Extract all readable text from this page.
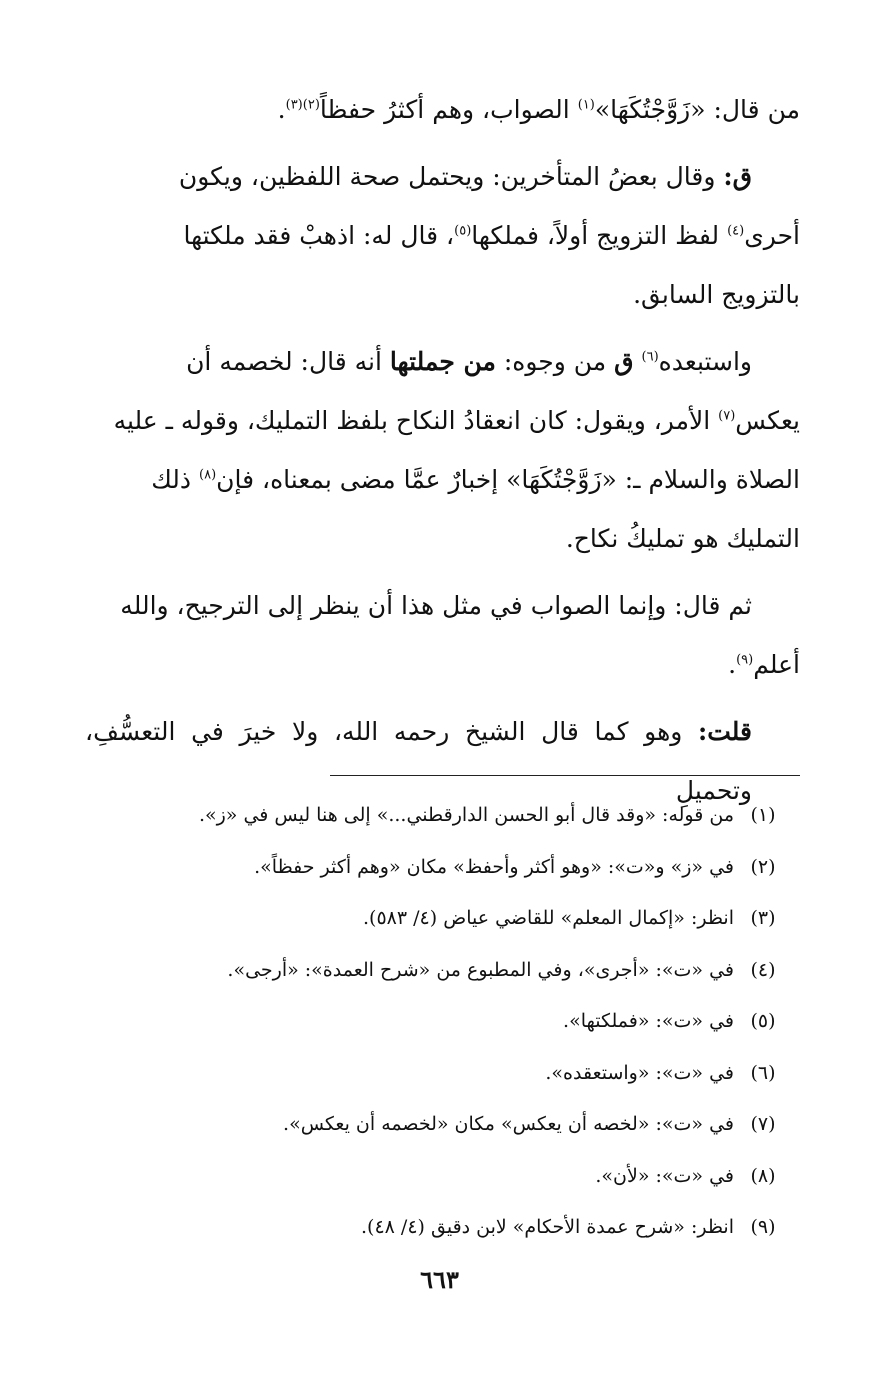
من قال: «زَوَّجْتُكَهَا»$^{(١)}$ الصواب، وهم أكثرُ حفظاً$^{(٢)(٣)}$.
ق: وقال بعضُ المتأخرين: ويحتمل صحة اللفظين، ويكون
أحرى$^{(٤)}$ لفظ التزويج أولاً، فملكها$^{(٥)}$، قال له: اذهبْ فقد ملكتها
بالتزويج السابق.
واستبعده$^{(٦)}$ ق من وجوه: من جملتها أنه قال: لخصمه أن
يعكس$^{(٧)}$ الأمر، ويقول: كان انعقادُ النكاح بلفظ التمليك، وقوله ـ عليه
الصلاة والسلام ـ: «زَوَّجْتُكَهَا» إخبارٌ عمَّا مضى بمعناه، فإن$^{(٨)}$ ذلك
التمليك هو تمليكُ نكاح.
ثم قال: وإنما الصواب في مثل هذا أن ينظر إلى الترجيح، والله
أعلم$^{(٩)}$.
قلت: وهو كما قال الشيخ رحمه الله، ولا خيرَ في التعسُّفِ، وتحميلِ
(١)
من قوله: «وقد قال أبو الحسن الدارقطني...» إلى هنا ليس في «ز».
(٢)
في «ز» و«ت»: «وهو أكثر وأحفظ» مكان «وهم أكثر حفظاً».
(٣)
انظر: «إكمال المعلم» للقاضي عياض (٤/ ٥٨٣).
(٤)
في «ت»: «أجرى»، وفي المطبوع من «شرح العمدة»: «أرجى».
(٥)
في «ت»: «فملكتها».
(٦)
في «ت»: «واستعقده».
(٧)
في «ت»: «لخصه أن يعكس» مكان «لخصمه أن يعكس».
(٨)
في «ت»: «لأن».
(٩)
انظر: «شرح عمدة الأحكام» لابن دقيق (٤/ ٤٨).
٦٦٣
